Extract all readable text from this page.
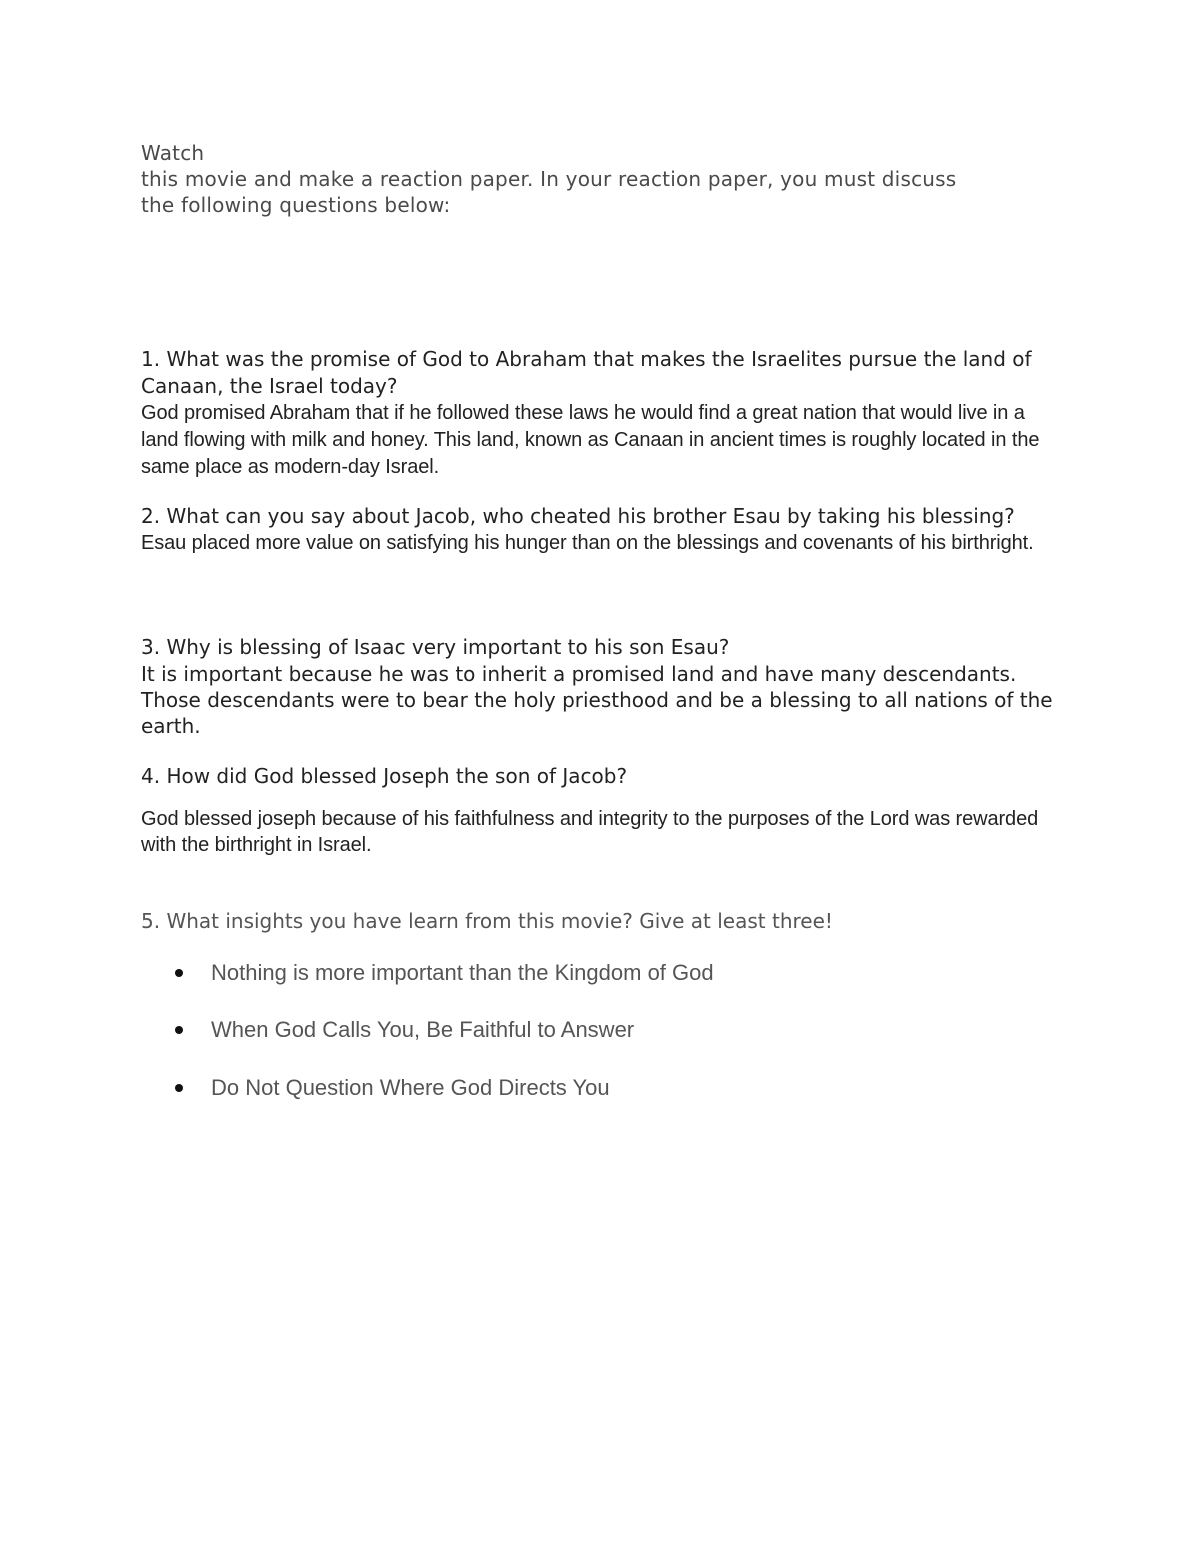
Watch
this movie and make a reaction paper. In your reaction paper, you must discuss
the following questions below:

1. What was the promise of God to Abraham that makes the Israelites pursue the land of Canaan, the Israel today?

God promised Abraham that if he followed these laws he would find a great nation that would live in a land flowing with milk and honey. This land, known as Canaan in ancient times is roughly located in the same place as modern-day Israel.

2. What can you say about Jacob, who cheated his brother Esau by taking his blessing?

Esau placed more value on satisfying his hunger than on the blessings and covenants of his birthright.

3. Why is blessing of Isaac very important to his son Esau?

It is important because he was to inherit a promised land and have many descendants. Those descendants were to bear the holy priesthood and be a blessing to all nations of the earth.

4. How did God blessed Joseph the son of Jacob?

God blessed joseph because of his faithfulness and integrity to the purposes of the Lord was rewarded with the birthright in Israel.

5. What insights you have learn from this movie? Give at least three!

Nothing is more important than the Kingdom of God
When God Calls You, Be Faithful to Answer
Do Not Question Where God Directs You
